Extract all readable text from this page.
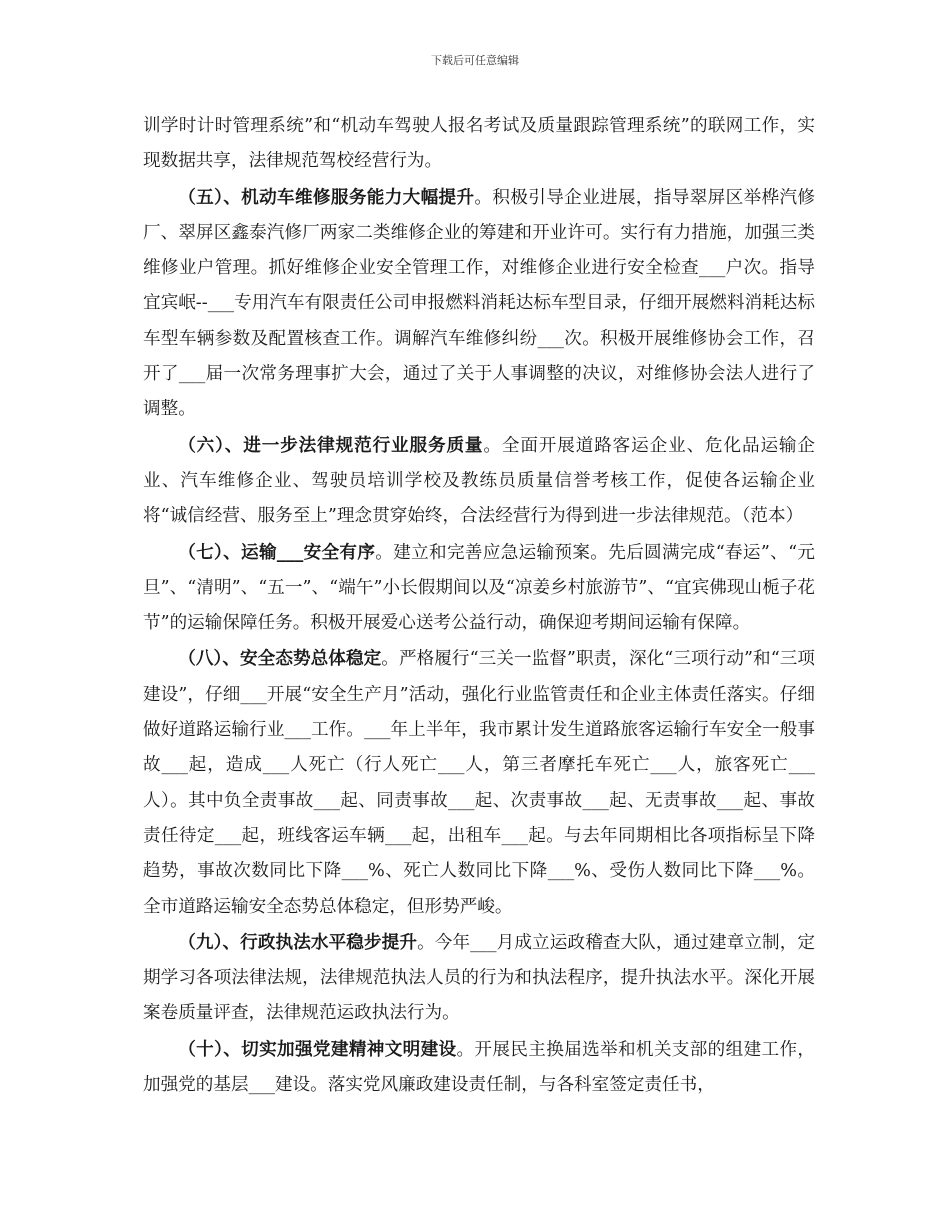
下载后可任意编辑

训学时计时管理系统”和“机动车驾驶人报名考试及质量跟踪管理系统”的联网工作，实现数据共享，法律规范驾校经营行为。

（五）、机动车维修服务能力大幅提升。积极引导企业进展，指导翠屏区举桦汽修厂、翠屏区鑫泰汽修厂两家二类维修企业的筹建和开业许可。实行有力措施，加强三类维修业户管理。抓好维修企业安全管理工作，对维修企业进行安全检查___户次。指导宜宾岷--___专用汽车有限责任公司申报燃料消耗达标车型目录，仔细开展燃料消耗达标车型车辆参数及配置核查工作。调解汽车维修纠纷___次。积极开展维修协会工作，召开了___届一次常务理事扩大会，通过了关于人事调整的决议，对维修协会法人进行了调整。

（六）、进一步法律规范行业服务质量。全面开展道路客运企业、危化品运输企业、汽车维修企业、驾驶员培训学校及教练员质量信誉考核工作，促使各运输企业将“诚信经营、服务至上”理念贯穿始终，合法经营行为得到进一步法律规范。（范本）

（七）、运输___安全有序。建立和完善应急运输预案。先后圆满完成“春运”、“元旦”、“清明”、“五一”、“端午”小长假期间以及“凉姜乡村旅游节”、“宜宾佛现山栀子花节”的运输保障任务。积极开展爱心送考公益行动，确保迎考期间运输有保障。

（八）、安全态势总体稳定。严格履行“三关一监督”职责，深化“三项行动”和“三项建设”，仔细___开展“安全生产月”活动，强化行业监管责任和企业主体责任落实。仔细做好道路运输行业___工作。___年上半年，我市累计发生道路旅客运输行车安全一般事故___起，造成___人死亡（行人死亡___人，第三者摩托车死亡___人，旅客死亡___人）。其中负全责事故___起、同责事故___起、次责事故___起、无责事故___起、事故责任待定___起，班线客运车辆___起，出租车___起。与去年同期相比各项指标呈下降趋势，事故次数同比下降___%、死亡人数同比下降___%、受伤人数同比下降___%。全市道路运输安全态势总体稳定，但形势严峻。

（九）、行政执法水平稳步提升。今年___月成立运政稽查大队，通过建章立制，定期学习各项法律法规，法律规范执法人员的行为和执法程序，提升执法水平。深化开展案卷质量评查，法律规范运政执法行为。

（十）、切实加强党建精神文明建设。开展民主换届选举和机关支部的组建工作，加强党的基层___建设。落实党风廉政建设责任制，与各科室签定责任书，
